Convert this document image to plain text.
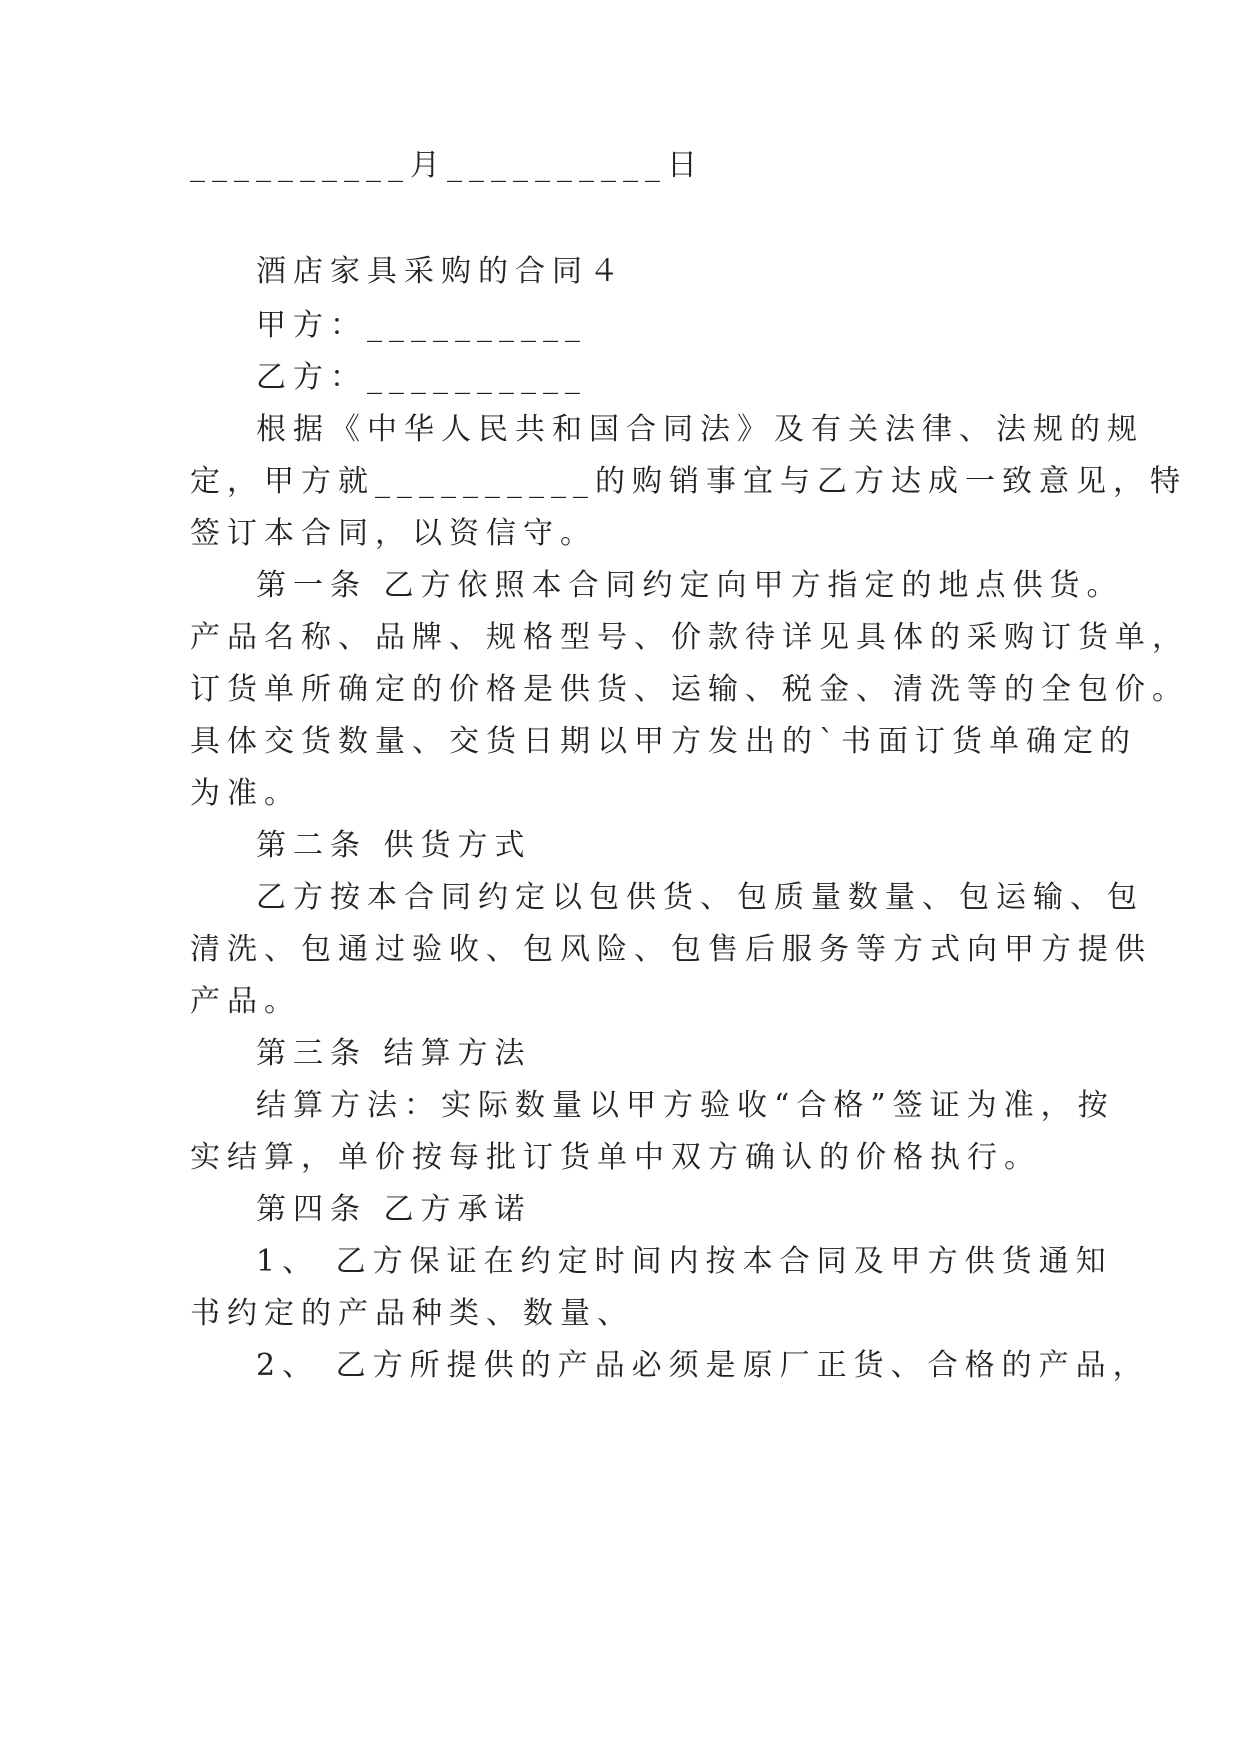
__________月__________日
酒店家具采购的合同４
甲方：__________
乙方：__________
根据《中华人民共和国合同法》及有关法律、法规的规
定，甲方就__________的购销事宜与乙方达成一致意见，特
签订本合同，以资信守。
第一条 乙方依照本合同约定向甲方指定的地点供货。
产品名称、品牌、规格型号、价款待详见具体的采购订货单，
订货单所确定的价格是供货、运输、税金、清洗等的全包价。
具体交货数量、交货日期以甲方发出的`书面订货单确定的
为准。
第二条 供货方式
乙方按本合同约定以包供货、包质量数量、包运输、包
清洗、包通过验收、包风险、包售后服务等方式向甲方提供
产品。
第三条 结算方法
结算方法：实际数量以甲方验收“合格”签证为准，按
实结算，单价按每批订货单中双方确认的价格执行。
第四条 乙方承诺
1、 乙方保证在约定时间内按本合同及甲方供货通知
书约定的产品种类、数量、
2、 乙方所提供的产品必须是原厂正货、合格的产品，
